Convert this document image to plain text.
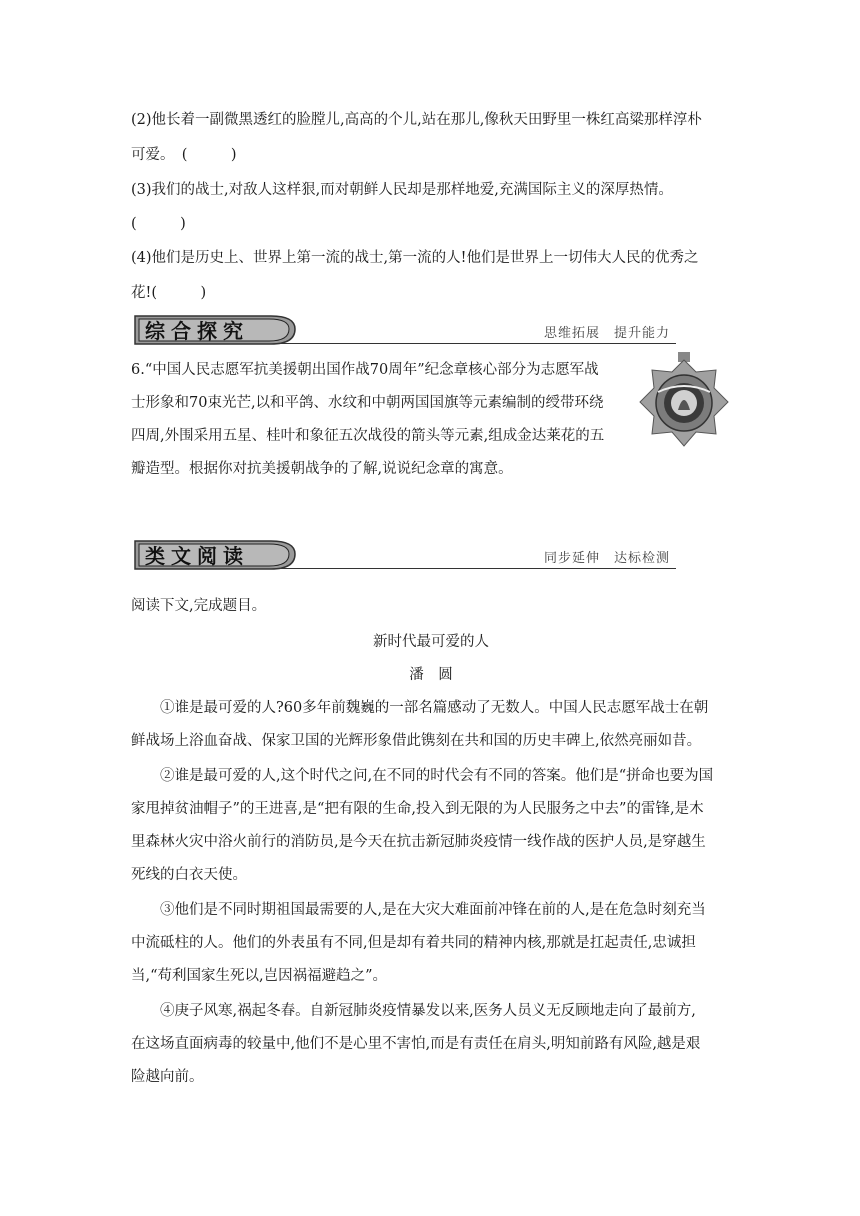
(2)他长着一副微黑透红的脸膛儿,高高的个儿,站在那儿,像秋天田野里一株红高粱那样淳朴
可爱。　(　　　)
(3)我们的战士,对敌人这样狠,而对朝鲜人民却是那样地爱,充满国际主义的深厚热情。
(　　　)
(4)他们是历史上、世界上第一流的战士,第一流的人!他们是世界上一切伟大人民的优秀之
花!(　　　)
综合探究	思维拓展　提升能力
6.“中国人民志愿军抗美援朝出国作战70周年”纪念章核心部分为志愿军战
士形象和70束光芒,以和平鸽、水纹和中朝两国国旗等元素编制的绶带环绕
四周,外围采用五星、桂叶和象征五次战役的箭头等元素,组成金达莱花的五
瓣造型。根据你对抗美援朝战争的了解,说说纪念章的寓意。
类文阅读	同步延伸　达标检测
阅读下文,完成题目。
新时代最可爱的人
潘　圆
①谁是最可爱的人?60多年前魏巍的一部名篇感动了无数人。中国人民志愿军战士在朝
鲜战场上浴血奋战、保家卫国的光辉形象借此镌刻在共和国的历史丰碑上,依然亮丽如昔。
②谁是最可爱的人,这个时代之问,在不同的时代会有不同的答案。他们是“拼命也要为国
家甩掉贫油帽子”的王进喜,是“把有限的生命,投入到无限的为人民服务之中去”的雷锋,是木
里森林火灾中浴火前行的消防员,是今天在抗击新冠肺炎疫情一线作战的医护人员,是穿越生
死线的白衣天使。
③他们是不同时期祖国最需要的人,是在大灾大难面前冲锋在前的人,是在危急时刻充当
中流砥柱的人。他们的外表虽有不同,但是却有着共同的精神内核,那就是扛起责任,忠诚担
当,“苟利国家生死以,岂因祸福避趋之”。
④庚子风寒,祸起冬春。自新冠肺炎疫情暴发以来,医务人员义无反顾地走向了最前方,
在这场直面病毒的较量中,他们不是心里不害怕,而是有责任在肩头,明知前路有风险,越是艰
险越向前。
